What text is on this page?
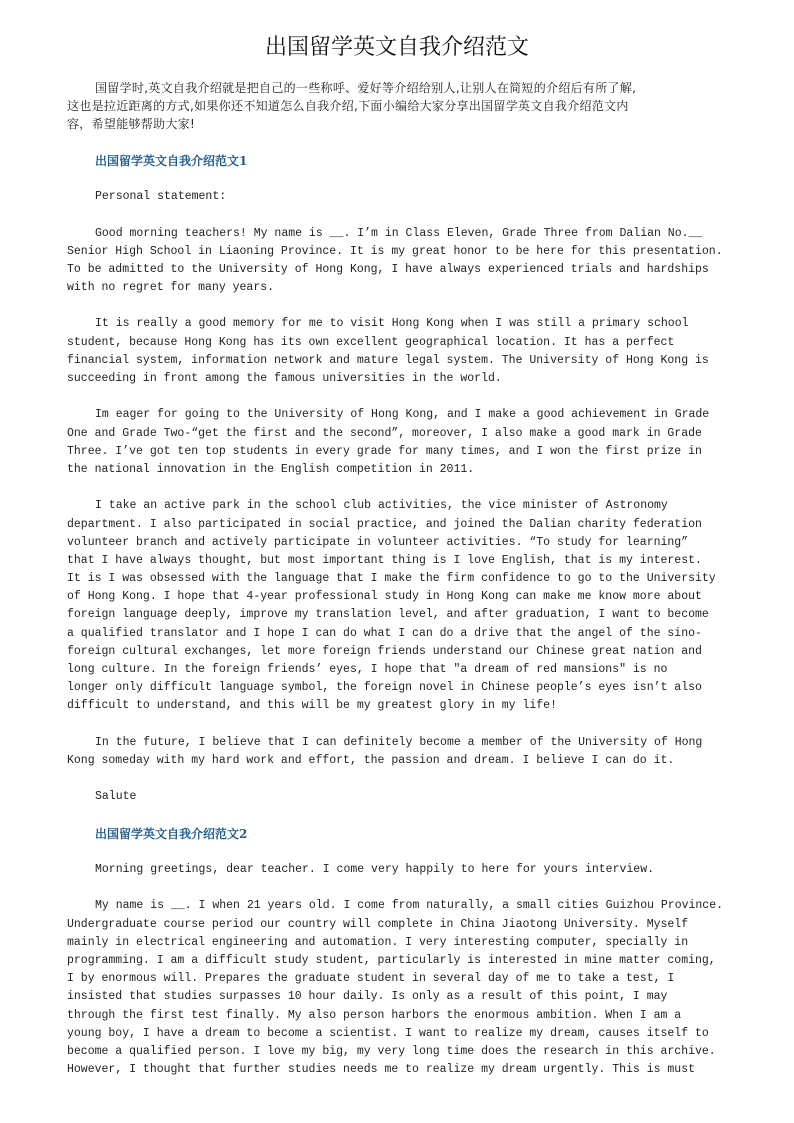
出国留学英文自我介绍范文
国留学时,英文自我介绍就是把自己的一些称呼、爱好等介绍给别人,让别人在简短的介绍后有所了解,
这也是拉近距离的方式,如果你还不知道怎么自我介绍,下面小编给大家分享出国留学英文自我介绍范文内
容，希望能够帮助大家!
出国留学英文自我介绍范文1
Personal statement:
Good morning teachers! My name is __. I’m in Class Eleven, Grade Three from Dalian No.__
Senior High School in Liaoning Province. It is my great honor to be here for this presentation.
To be admitted to the University of Hong Kong, I have always experienced trials and hardships
with no regret for many years.
It is really a good memory for me to visit Hong Kong when I was still a primary school
student, because Hong Kong has its own excellent geographical location. It has a perfect
financial system, information network and mature legal system. The University of Hong Kong is
succeeding in front among the famous universities in the world.
Im eager for going to the University of Hong Kong, and I make a good achievement in Grade
One and Grade Two-“get the first and the second”, moreover, I also make a good mark in Grade
Three. I’ve got ten top students in every grade for many times, and I won the first prize in
the national innovation in the English competition in 2011.
I take an active park in the school club activities, the vice minister of Astronomy
department. I also participated in social practice, and joined the Dalian charity federation
volunteer branch and actively participate in volunteer activities. “To study for learning”
that I have always thought, but most important thing is I love English, that is my interest.
It is I was obsessed with the language that I make the firm confidence to go to the University
of Hong Kong. I hope that 4-year professional study in Hong Kong can make me know more about
foreign language deeply, improve my translation level, and after graduation, I want to become
a qualified translator and I hope I can do what I can do a drive that the angel of the sino-
foreign cultural exchanges, let more foreign friends understand our Chinese great nation and
long culture. In the foreign friends’ eyes, I hope that "a dream of red mansions" is no
longer only difficult language symbol, the foreign novel in Chinese people’s eyes isn’t also
difficult to understand, and this will be my greatest glory in my life!
In the future, I believe that I can definitely become a member of the University of Hong
Kong someday with my hard work and effort, the passion and dream. I believe I can do it.
Salute
出国留学英文自我介绍范文2
Morning greetings, dear teacher. I come very happily to here for yours interview.
My name is __. I when 21 years old. I come from naturally, a small cities Guizhou Province.
Undergraduate course period our country will complete in China Jiaotong University. Myself
mainly in electrical engineering and automation. I very interesting computer, specially in
programming. I am a difficult study student, particularly is interested in mine matter coming,
I by enormous will. Prepares the graduate student in several day of me to take a test, I
insisted that studies surpasses 10 hour daily. Is only as a result of this point, I may
through the first test finally. My also person harbors the enormous ambition. When I am a
young boy, I have a dream to become a scientist. I want to realize my dream, causes itself to
become a qualified person. I love my big, my very long time does the research in this archive.
However, I thought that further studies needs me to realize my dream urgently. This is must
